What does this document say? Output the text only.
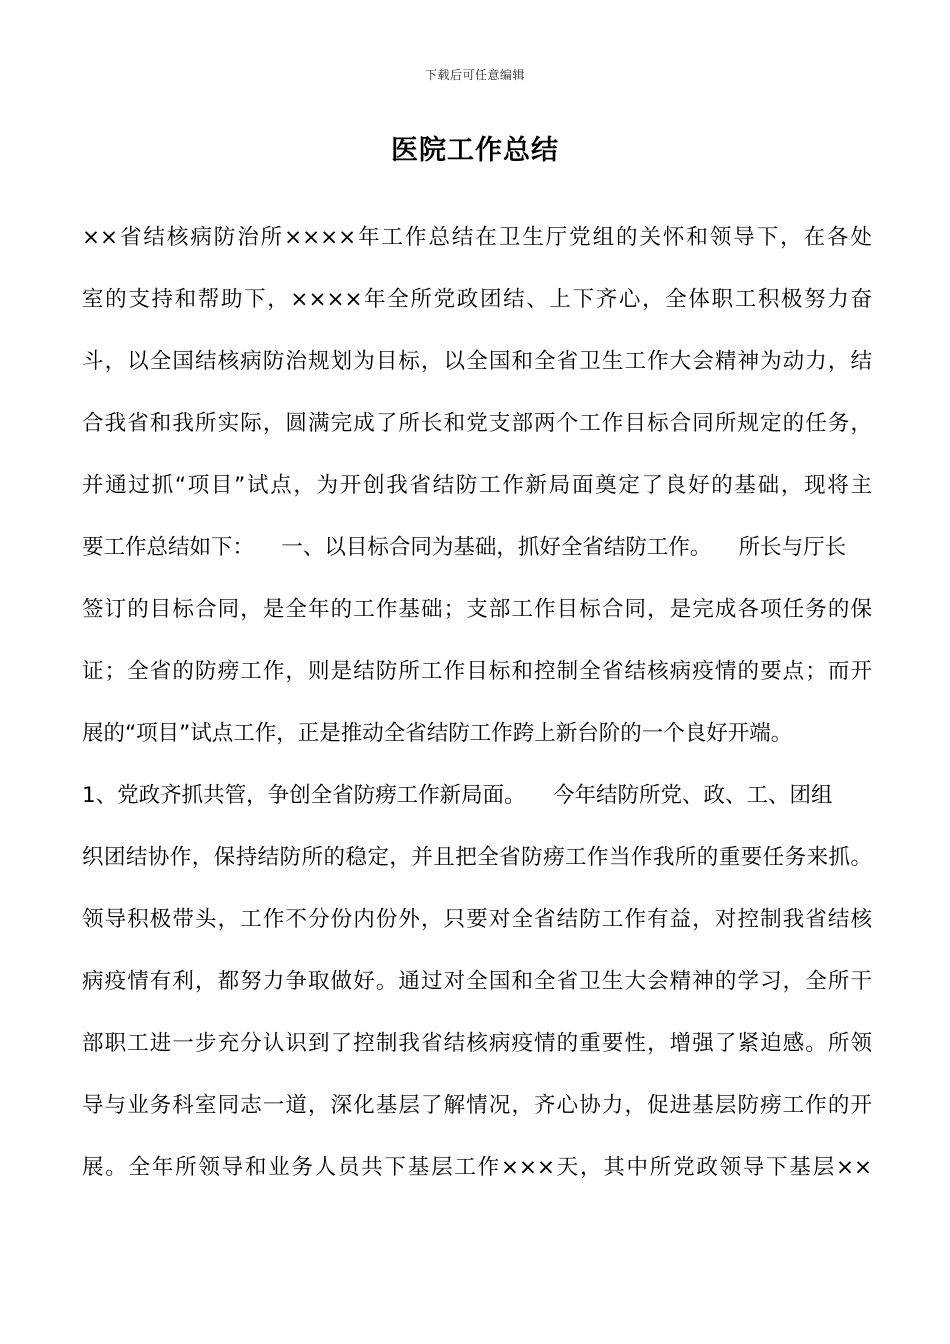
下载后可任意编辑
医院工作总结
××省结核病防治所××××年工作总结在卫生厅党组的关怀和领导下，在各处
室的支持和帮助下，××××年全所党政团结、上下齐心，全体职工积极努力奋
斗，以全国结核病防治规划为目标，以全国和全省卫生工作大会精神为动力，结
合我省和我所实际，圆满完成了所长和党支部两个工作目标合同所规定的任务，
并通过抓“项目”试点，为开创我省结防工作新局面奠定了良好的基础，现将主
要工作总结如下：    一、以目标合同为基础，抓好全省结防工作。    所长与厅长
签订的目标合同，是全年的工作基础；支部工作目标合同，是完成各项任务的保
证；全省的防痨工作，则是结防所工作目标和控制全省结核病疫情的要点；而开
展的“项目”试点工作，正是推动全省结防工作跨上新台阶的一个良好开端。
1、党政齐抓共管，争创全省防痨工作新局面。    今年结防所党、政、工、团组
织团结协作，保持结防所的稳定，并且把全省防痨工作当作我所的重要任务来抓。
领导积极带头，工作不分份内份外，只要对全省结防工作有益，对控制我省结核
病疫情有利，都努力争取做好。通过对全国和全省卫生大会精神的学习，全所干
部职工进一步充分认识到了控制我省结核病疫情的重要性，增强了紧迫感。所领
导与业务科室同志一道，深化基层了解情况，齐心协力，促进基层防痨工作的开
展。全年所领导和业务人员共下基层工作×××天，其中所党政领导下基层××
